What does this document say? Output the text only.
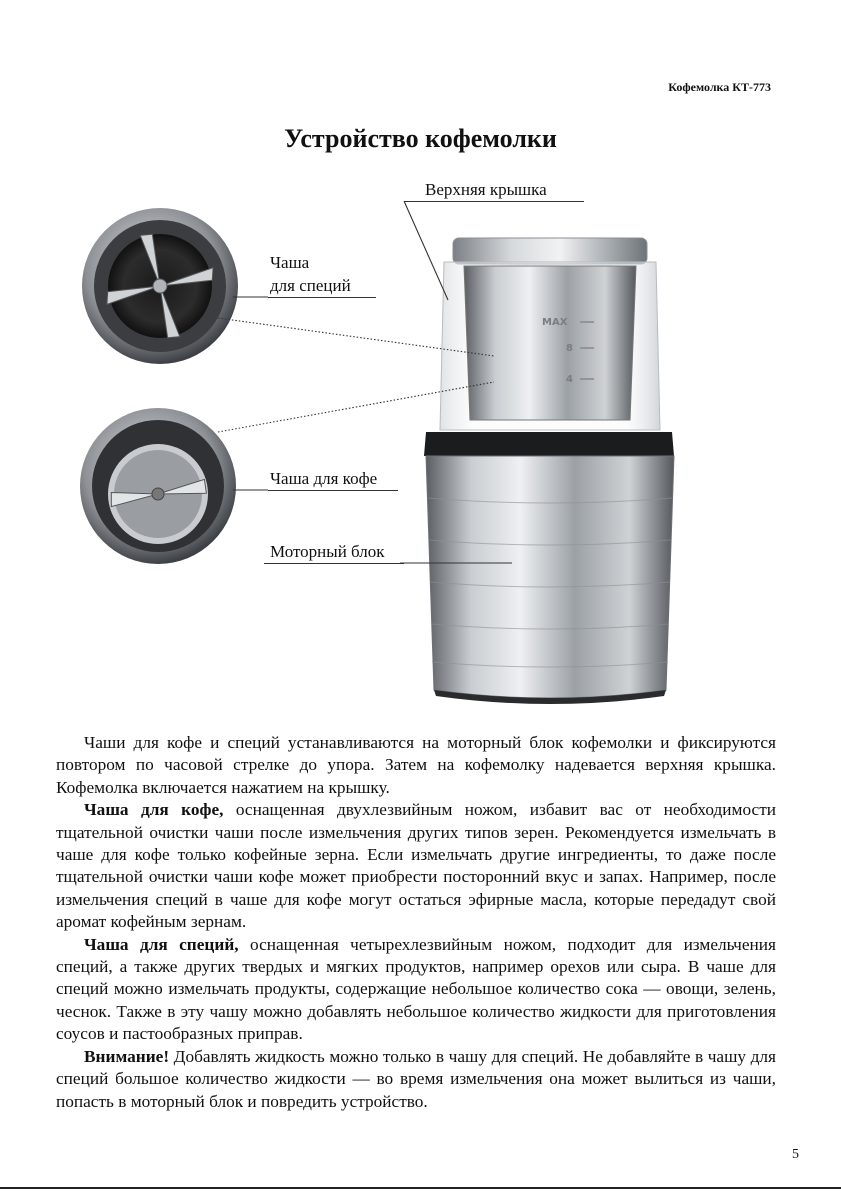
Кофемолка КТ-773
Устройство кофемолки
MAX
8
4
Верхняя крышка
Чаша
для специй
Чаша для кофе
Моторный блок

Чаши для кофе и специй устанавливаются на моторный блок кофемолки и фиксируются повтором по часовой стрелке до упора. Затем на кофемолку надевается верхняя крышка. Кофемолка включается нажатием на крышку.

Чаша для кофе, оснащенная двухлезвийным ножом, избавит вас от необходимости тщательной очистки чаши после измельчения других типов зерен. Рекомендуется измельчать в чаше для кофе только кофейные зерна. Если измельчать другие ингредиенты, то даже после тщательной очистки чаши кофе может приобрести посторонний вкус и запах. Например, после измельчения специй в чаше для кофе могут остаться эфирные масла, которые передадут свой аромат кофейным зернам.

Чаша для специй, оснащенная четырехлезвийным ножом, подходит для измельчения специй, а также других твердых и мягких продуктов, например орехов или сыра. В чаше для специй можно измельчать продукты, содержащие небольшое количество сока — овощи, зелень, чеснок. Также в эту чашу можно добавлять небольшое количество жидкости для приготовления соусов и пастообразных приправ.

Внимание! Добавлять жидкость можно только в чашу для специй. Не добавляйте в чашу для специй большое количество жидкости — во время измельчения она может вылиться из чаши, попасть в моторный блок и повредить устройство.

5
